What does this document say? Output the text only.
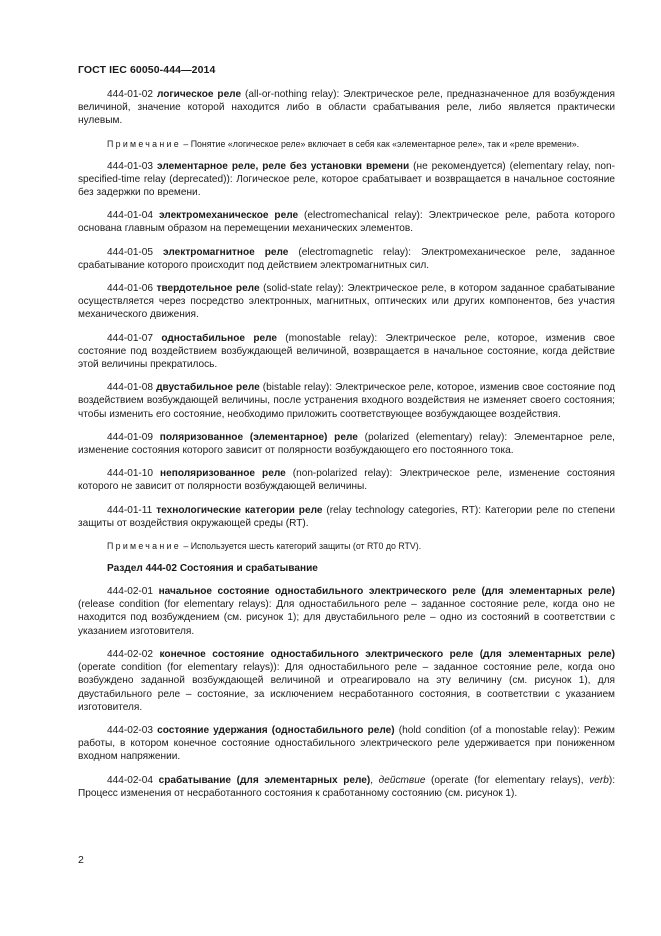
ГОСТ IEC 60050-444—2014

444-01-02 логическое реле (all-or-nothing relay): Электрическое реле, предназначенное для возбуждения величиной, значение которой находится либо в области срабатывания реле, либо является практически нулевым.

Примечание – Понятие «логическое реле» включает в себя как «элементарное реле», так и «реле времени».

444-01-03 элементарное реле, реле без установки времени (не рекомендуется) (elementary relay, non-specified-time relay (deprecated)): Логическое реле, которое срабатывает и возвращается в начальное состояние без задержки по времени.

444-01-04 электромеханическое реле (electromechanical relay): Электрическое реле, работа которого основана главным образом на перемещении механических элементов.

444-01-05 электромагнитное реле (electromagnetic relay): Электромеханическое реле, заданное срабатывание которого происходит под действием электромагнитных сил.

444-01-06 твердотельное реле (solid-state relay): Электрическое реле, в котором заданное срабатывание осуществляется через посредство электронных, магнитных, оптических или других компонентов, без участия механического движения.

444-01-07 одностабильное реле (monostable relay): Электрическое реле, которое, изменив свое состояние под воздействием возбуждающей величиной, возвращается в начальное состояние, когда действие этой величины прекратилось.

444-01-08 двустабильное реле (bistable relay): Электрическое реле, которое, изменив свое состояние под воздействием возбуждающей величины, после устранения входного воздействия не изменяет своего состояния; чтобы изменить его состояние, необходимо приложить соответствующее возбуждающее воздействия.

444-01-09 поляризованное (элементарное) реле (polarized (elementary) relay): Элементарное реле, изменение состояния которого зависит от полярности возбуждающего его постоянного тока.

444-01-10 неполяризованное реле (non-polarized relay): Электрическое реле, изменение состояния которого не зависит от полярности возбуждающей величины.

444-01-11 технологические категории реле (relay technology categories, RT): Категории реле по степени защиты от воздействия окружающей среды (RT).

Примечание – Используется шесть категорий защиты (от RT0 до RTV).

Раздел 444-02 Состояния и срабатывание

444-02-01 начальное состояние одностабильного электрического реле (для элементарных реле) (release condition (for elementary relays): Для одностабильного реле – заданное состояние реле, когда оно не находится под возбуждением (см. рисунок 1); для двустабильного реле – одно из состояний в соответствии с указанием изготовителя.

444-02-02 конечное состояние одностабильного электрического реле (для элементарных реле) (operate condition (for elementary relays)): Для одностабильного реле – заданное состояние реле, когда оно возбуждено заданной возбуждающей величиной и отреагировало на эту величину (см. рисунок 1), для двустабильного реле – состояние, за исключением несработанного состояния, в соответствии с указанием изготовителя.

444-02-03 состояние удержания (одностабильного реле) (hold condition (of a monostable relay): Режим работы, в котором конечное состояние одностабильного электрического реле удерживается при пониженном входном напряжении.

444-02-04 срабатывание (для элементарных реле), действие (operate (for elementary relays), verb): Процесс изменения от несработанного состояния к сработанному состоянию (см. рисунок 1).

2
